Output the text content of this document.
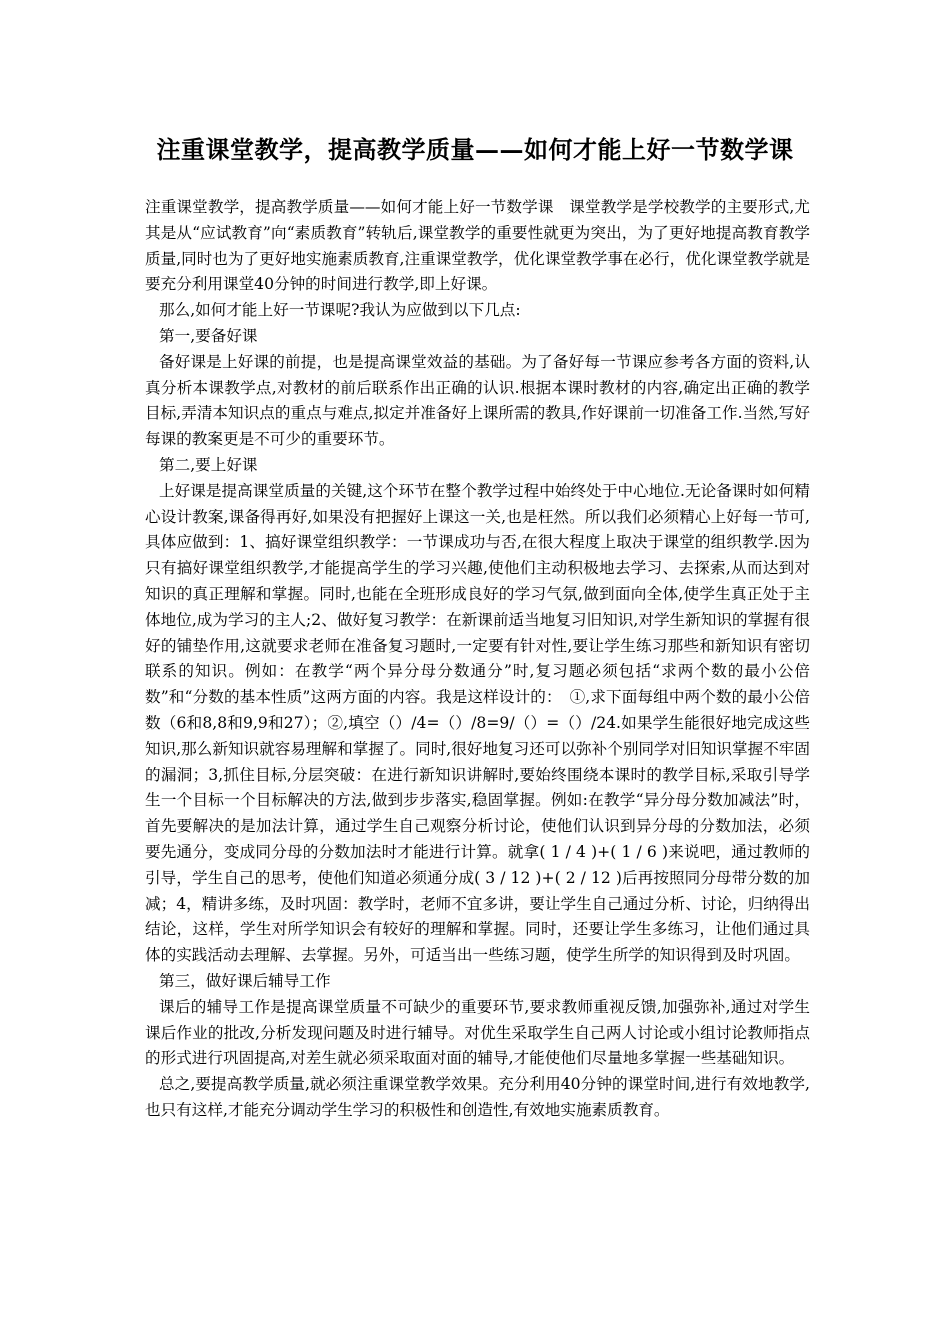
注重课堂教学，提高教学质量——如何才能上好一节数学课

注重课堂教学，提高教学质量——如何才能上好一节数学课　课堂教学是学校教学的主要形式,尤其是从“应试教育”向“素质教育”转轨后,课堂教学的重要性就更为突出，为了更好地提高教育教学质量,同时也为了更好地实施素质教育,注重课堂教学，优化课堂教学事在必行，优化课堂教学就是要充分利用课堂40分钟的时间进行教学,即上好课。

那么,如何才能上好一节课呢?我认为应做到以下几点:

第一,要备好课

备好课是上好课的前提，也是提高课堂效益的基础。为了备好每一节课应参考各方面的资料,认真分析本课教学点,对教材的前后联系作出正确的认识.根据本课时教材的内容,确定出正确的教学目标,弄清本知识点的重点与难点,拟定并准备好上课所需的教具,作好课前一切准备工作.当然,写好每课的教案更是不可少的重要环节。

第二,要上好课

上好课是提高课堂质量的关键,这个环节在整个教学过程中始终处于中心地位.无论备课时如何精心设计教案,课备得再好,如果没有把握好上课这一关,也是枉然。所以我们必须精心上好每一节可,具体应做到：1、搞好课堂组织教学：一节课成功与否,在很大程度上取决于课堂的组织教学.因为只有搞好课堂组织教学,才能提高学生的学习兴趣,使他们主动积极地去学习、去探索,从而达到对知识的真正理解和掌握。同时,也能在全班形成良好的学习气氛,做到面向全体,使学生真正处于主体地位,成为学习的主人;2、做好复习教学：在新课前适当地复习旧知识,对学生新知识的掌握有很好的铺垫作用,这就要求老师在准备复习题时,一定要有针对性,要让学生练习那些和新知识有密切联系的知识。例如：在教学“两个异分母分数通分”时,复习题必须包括“求两个数的最小公倍数”和“分数的基本性质”这两方面的内容。我是这样设计的：　①,求下面每组中两个数的最小公倍数（6和8,8和9,9和27）；②,填空（）/4=（）/8=9/（）=（）/24.如果学生能很好地完成这些知识,那么新知识就容易理解和掌握了。同时,很好地复习还可以弥补个别同学对旧知识掌握不牢固的漏洞；3,抓住目标,分层突破：在进行新知识讲解时,要始终围绕本课时的教学目标,采取引导学生一个目标一个目标解决的方法,做到步步落实,稳固掌握。例如:在教学“异分母分数加减法”时，首先要解决的是加法计算，通过学生自己观察分析讨论，使他们认识到异分母的分数加法，必须要先通分，变成同分母的分数加法时才能进行计算。就拿( 1 / 4 )+( 1 / 6 )来说吧，通过教师的引导，学生自己的思考，使他们知道必须通分成( 3 / 12 )+( 2 / 12 )后再按照同分母带分数的加减；4，精讲多练，及时巩固：教学时，老师不宜多讲，要让学生自己通过分析、讨论，归纳得出结论，这样，学生对所学知识会有较好的理解和掌握。同时，还要让学生多练习，让他们通过具体的实践活动去理解、去掌握。另外，可适当出一些练习题，使学生所学的知识得到及时巩固。

第三，做好课后辅导工作

课后的辅导工作是提高课堂质量不可缺少的重要环节,要求教师重视反馈,加强弥补,通过对学生课后作业的批改,分析发现问题及时进行辅导。对优生采取学生自己两人讨论或小组讨论教师指点的形式进行巩固提高,对差生就必须采取面对面的辅导,才能使他们尽量地多掌握一些基础知识。

总之,要提高教学质量,就必须注重课堂教学效果。充分利用40分钟的课堂时间,进行有效地教学,也只有这样,才能充分调动学生学习的积极性和创造性,有效地实施素质教育。
